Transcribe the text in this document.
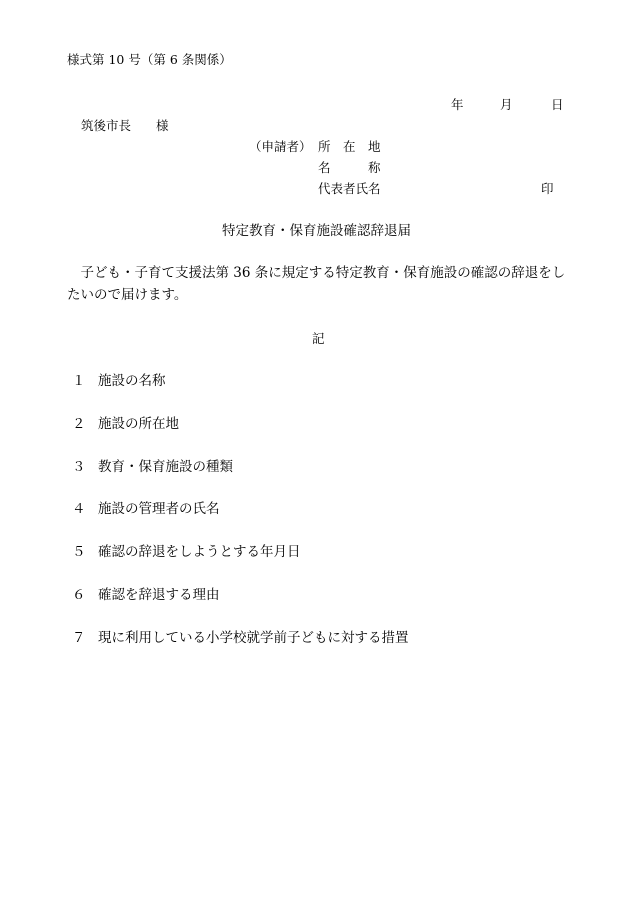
様式第 10 号（第 6 条関係）
年	月	日
筑後市長　　様
（申請者） 所　在　地
名　　　称
代表者氏名	印
特定教育・保育施設確認辞退届
　子ども・子育て支援法第 36 条に規定する特定教育・保育施設の確認の辞退をしたいので届けます。
記
１ 施設の名称
２ 施設の所在地
３ 教育・保育施設の種類
４ 施設の管理者の氏名
５ 確認の辞退をしようとする年月日
６ 確認を辞退する理由
７ 現に利用している小学校就学前子どもに対する措置
